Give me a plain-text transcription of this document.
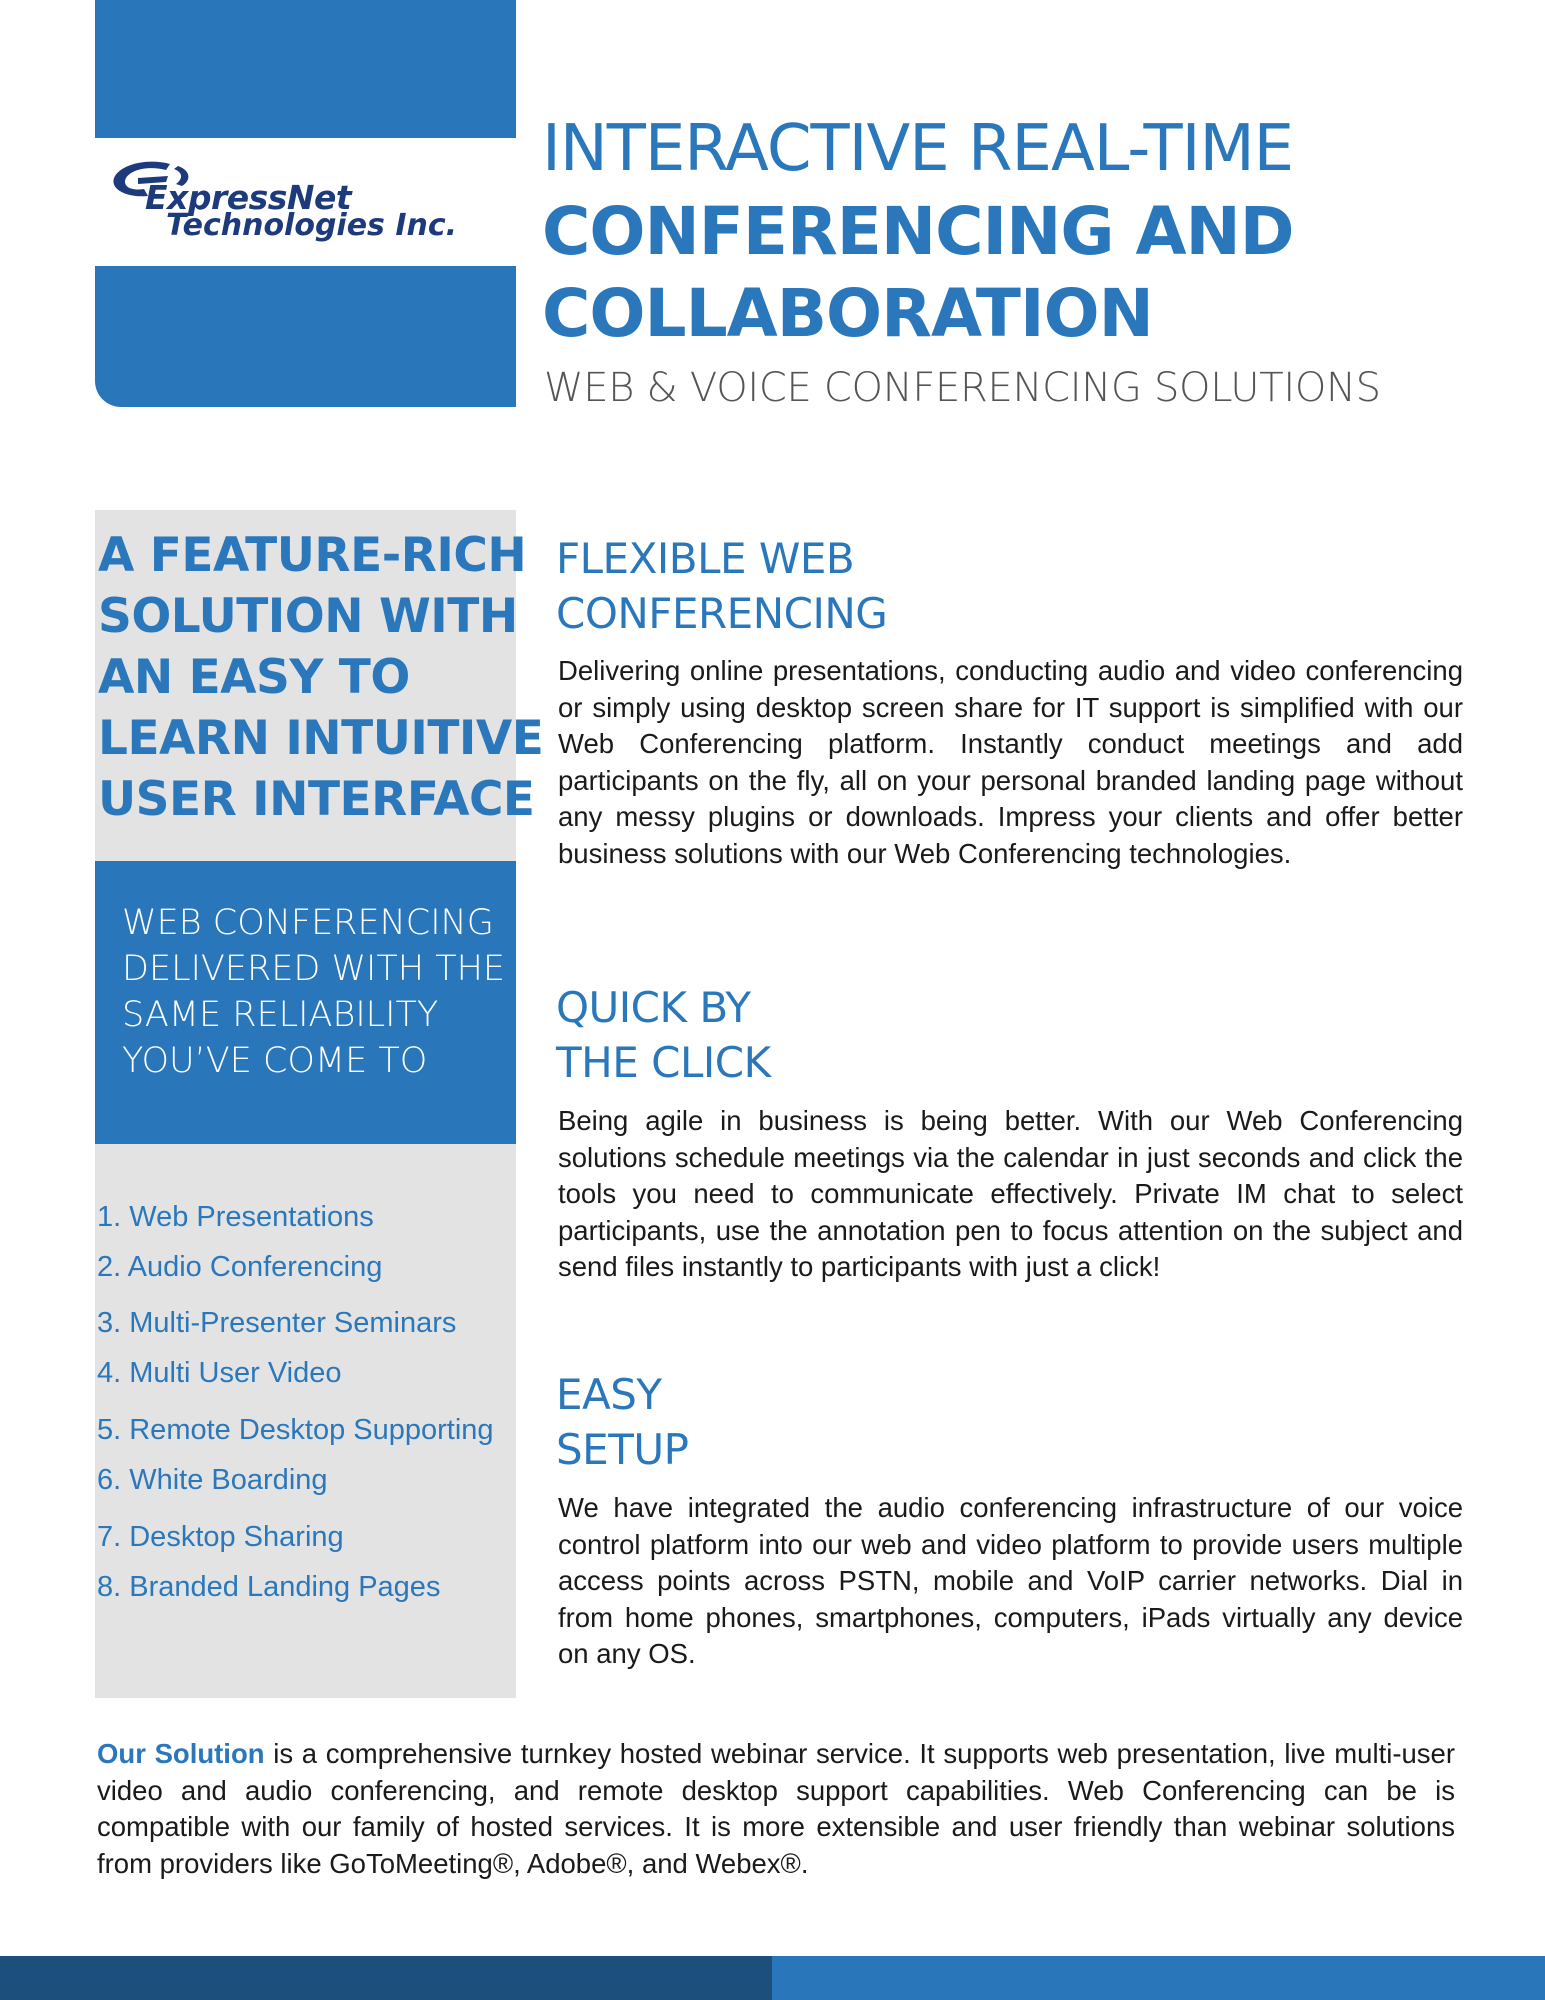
ExpressNet
Technologies Inc.
INTERACTIVE REAL-TIME
CONFERENCING AND
COLLABORATION
WEB & VOICE CONFERENCING SOLUTIONS
A FEATURE-RICH
SOLUTION WITH
AN EASY TO
LEARN INTUITIVE
USER INTERFACE
WEB CONFERENCING
DELIVERED WITH THE
SAME RELIABILITY
YOU’VE COME TO
1. Web Presentations
2. Audio Conferencing
3. Multi-Presenter Seminars
4. Multi User Video
5. Remote Desktop Supporting
6. White Boarding
7. Desktop Sharing
8. Branded Landing Pages
FLEXIBLE WEB
CONFERENCING
Delivering online presentations, conducting audio and video conferencing or simply using desktop screen share for IT support is simplified with our Web Conferencing platform. Instantly conduct meetings and add participants on the fly, all on your personal branded landing page without any messy plugins or downloads. Impress your clients and offer better business solutions with our Web Conferencing technologies.
QUICK BY
THE CLICK
Being agile in business is being better. With our Web Conferencing solutions schedule meetings via the calendar in just seconds and click the tools you need to communicate effectively. Private IM chat to select participants, use the annotation pen to focus attention on the subject and send files instantly to participants with just a click!
EASY
SETUP
We have integrated the audio conferencing infrastructure of our voice control platform into our web and video platform to provide users multiple access points across PSTN, mobile and VoIP carrier networks. Dial in from home phones, smartphones, computers, iPads virtually any device on any OS.
Our Solution is a comprehensive turnkey hosted webinar service. It supports web presentation, live multi-user video and audio conferencing, and remote desktop support capabilities. Web Conferencing can be is compatible with our family of hosted services. It is more extensible and user friendly than webinar solutions from providers like GoToMeeting®, Adobe®, and Webex®.
